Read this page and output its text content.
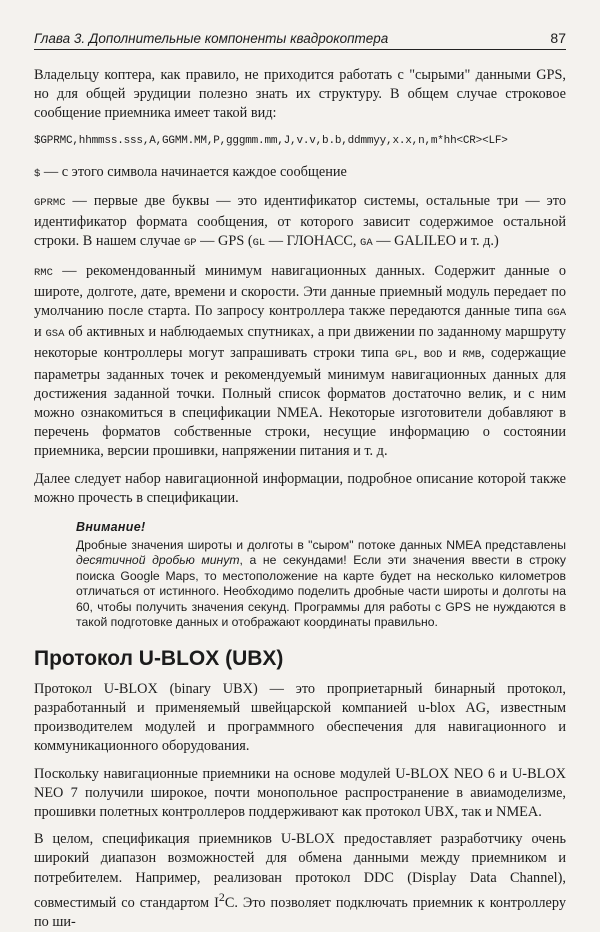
Глава 3. Дополнительные компоненты квадрокоптера	87

Владельцу коптера, как правило, не приходится работать с "сырыми" данными GPS, но для общей эрудиции полезно знать их структуру. В общем случае строковое сообщение приемника имеет такой вид:

$GPRMC,hhmmss.sss,A,GGMM.MM,P,gggmm.mm,J,v.v,b.b,ddmmyy,x.x,n,m*hh<CR><LF>

$ — с этого символа начинается каждое сообщение

GPRMC — первые две буквы — это идентификатор системы, остальные три — это идентификатор формата сообщения, от которого зависит содержимое остальной строки. В нашем случае GP — GPS (GL — ГЛОНАСС, GA — GALILEO и т. д.)

RMC — рекомендованный минимум навигационных данных. Содержит данные о широте, долготе, дате, времени и скорости. Эти данные приемный модуль передает по умолчанию после старта. По запросу контроллера также передаются данные типа GGA и GSA об активных и наблюдаемых спутниках, а при движении по заданному маршруту некоторые контроллеры могут запрашивать строки типа GPL, BOD и RMB, содержащие параметры заданных точек и рекомендуемый минимум навигационных данных для достижения заданной точки. Полный список форматов достаточно велик, и с ним можно ознакомиться в спецификации NMEA. Некоторые изготовители добавляют в перечень форматов собственные строки, несущие информацию о состоянии приемника, версии прошивки, напряжении питания и т. д.

Далее следует набор навигационной информации, подробное описание которой также можно прочесть в спецификации.

Внимание!
Дробные значения широты и долготы в "сыром" потоке данных NMEA представлены десятичной дробью минут, а не секундами! Если эти значения ввести в строку поиска Google Maps, то местоположение на карте будет на несколько километров отличаться от истинного. Необходимо поделить дробные части широты и долготы на 60, чтобы получить значения секунд. Программы для работы с GPS не нуждаются в такой подготовке данных и отображают координаты правильно.
Протокол U-BLOX (UBX)

Протокол U-BLOX (binary UBX) — это проприетарный бинарный протокол, разработанный и применяемый швейцарской компанией u-blox AG, известным производителем модулей и программного обеспечения для навигационного и коммуникационного оборудования.

Поскольку навигационные приемники на основе модулей U-BLOX NEO 6 и U-BLOX NEO 7 получили широкое, почти монопольное распространение в авиамоделизме, прошивки полетных контроллеров поддерживают как протокол UBX, так и NMEA.

В целом, спецификация приемников U-BLOX предоставляет разработчику очень широкий диапазон возможностей для обмена данными между приемником и потребителем. Например, реализован протокол DDC (Display Data Channel), совместимый со стандартом $I^2C$. Это позволяет подключать приемник к контроллеру по ши-
